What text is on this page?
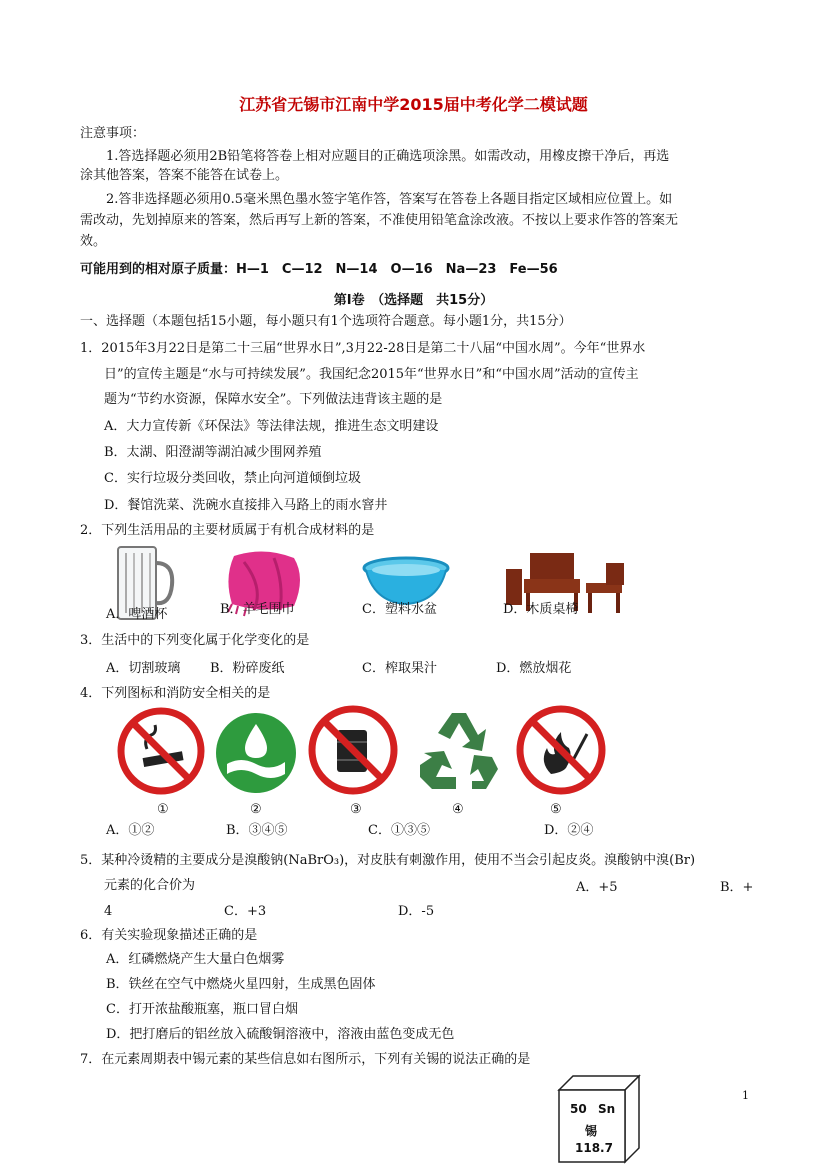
江苏省无锡市江南中学2015届中考化学二模试题
注意事项：
1.答选择题必须用2B铅笔将答卷上相对应题目的正确选项涂黑。如需改动，用橡皮擦干净后，再选
涂其他答案，答案不能答在试卷上。
2.答非选择题必须用0.5毫米黑色墨水签字笔作答，答案写在答卷上各题目指定区域相应位置上。如
需改动，先划掉原来的答案，然后再写上新的答案，不准使用铅笔盒涂改液。不按以上要求作答的答案无
效。
可能用到的相对原子质量：H—1　C—12　N—14　O—16　Na—23　Fe—56
第Ⅰ卷　（选择题　共15分）
一、选择题（本题包括15小题，每小题只有1个选项符合题意。每小题1分，共15分）
1．2015年3月22日是第二十三届“世界水日”,3月22-28日是第二十八届“中国水周”。今年“世界水
日”的宣传主题是“水与可持续发展”。我国纪念2015年“世界水日”和“中国水周”活动的宣传主
题为“节约水资源，保障水安全”。下列做法违背该主题的是
A．大力宣传新《环保法》等法律法规，推进生态文明建设
B．太湖、阳澄湖等湖泊减少围网养殖
C．实行垃圾分类回收，禁止向河道倾倒垃圾
D．餐馆洗菜、洗碗水直接排入马路上的雨水窨井
2．下列生活用品的主要材质属于有机合成材料的是
A．啤酒杯	B．羊毛围巾	C．塑料水盆	D．木质桌椅
3．生活中的下列变化属于化学变化的是
A．切割玻璃 B．粉碎废纸	C．榨取果汁	D．燃放烟花
4．下列图标和消防安全相关的是
①	②	③	④	⑤
A．①②	B．③④⑤	C．①③⑤	D．②④
5．某种冷烫精的主要成分是溴酸钠(NaBrO₃)，对皮肤有刺激作用，使用不当会引起皮炎。溴酸钠中溴(Br)
元素的化合价为	A．+5	B．+
4	C．+3	D．-5
6．有关实验现象描述正确的是
A．红磷燃烧产生大量白色烟雾
B．铁丝在空气中燃烧火星四射，生成黑色固体
C．打开浓盐酸瓶塞，瓶口冒白烟
D．把打磨后的铝丝放入硫酸铜溶液中，溶液由蓝色变成无色
7．在元素周期表中锡元素的某些信息如右图所示，下列有关锡的说法正确的是
50 Sn
锡
118.7
1
